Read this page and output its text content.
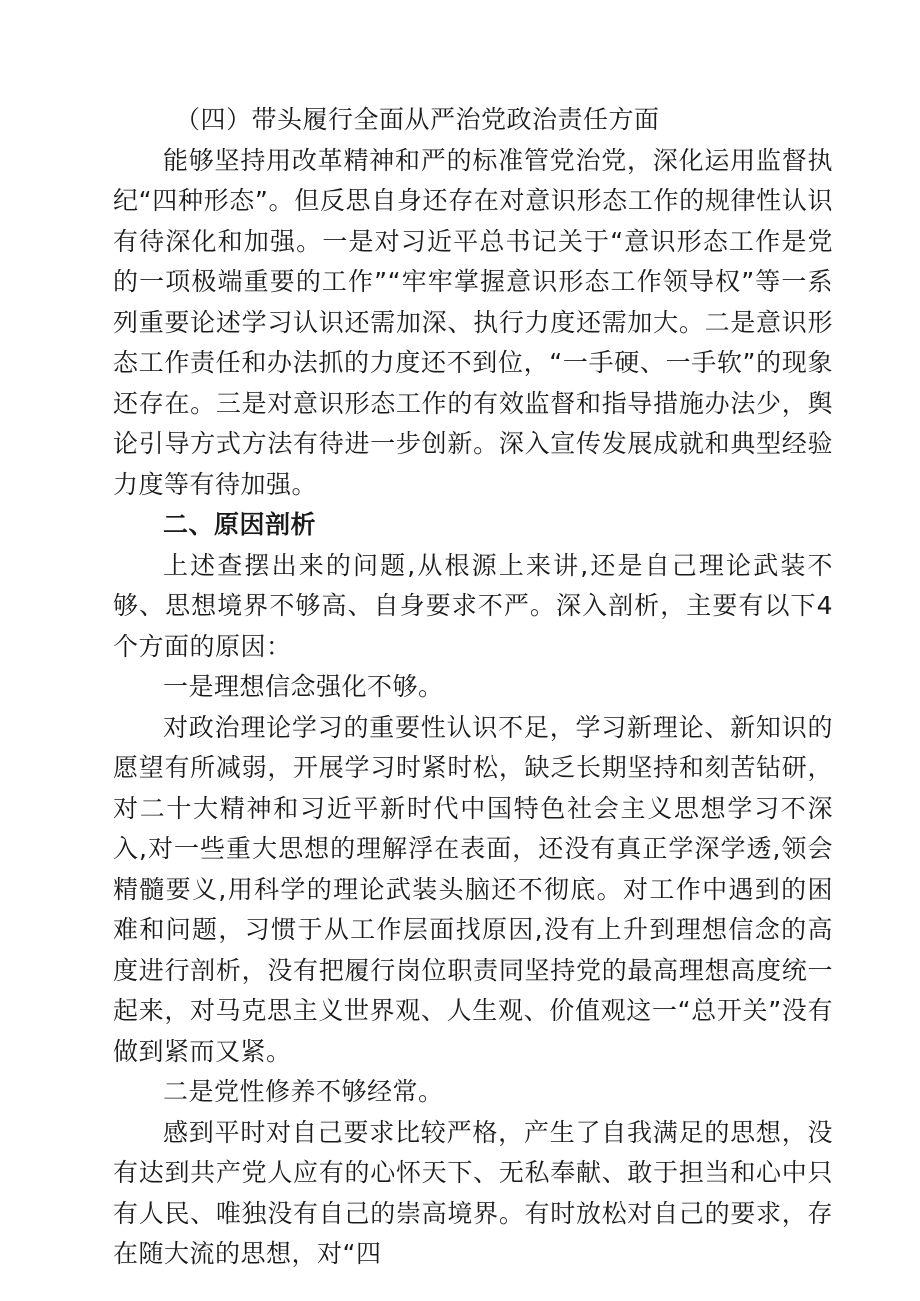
（四）带头履行全面从严治党政治责任方面

能够坚持用改革精神和严的标准管党治党，深化运用监督执纪“四种形态”。但反思自身还存在对意识形态工作的规律性认识有待深化和加强。一是对习近平总书记关于“意识形态工作是党的一项极端重要的工作”“牢牢掌握意识形态工作领导权”等一系列重要论述学习认识还需加深、执行力度还需加大。二是意识形态工作责任和办法抓的力度还不到位，“一手硬、一手软”的现象还存在。三是对意识形态工作的有效监督和指导措施办法少，舆论引导方式方法有待进一步创新。深入宣传发展成就和典型经验力度等有待加强。

二、原因剖析

上述查摆出来的问题,从根源上来讲,还是自己理论武装不够、思想境界不够高、自身要求不严。深入剖析，主要有以下4个方面的原因：

一是理想信念强化不够。

对政治理论学习的重要性认识不足，学习新理论、新知识的愿望有所减弱，开展学习时紧时松，缺乏长期坚持和刻苦钻研，对二十大精神和习近平新时代中国特色社会主义思想学习不深入,对一些重大思想的理解浮在表面，还没有真正学深学透,领会精髓要义,用科学的理论武装头脑还不彻底。对工作中遇到的困难和问题，习惯于从工作层面找原因,没有上升到理想信念的高度进行剖析，没有把履行岗位职责同坚持党的最高理想高度统一起来，对马克思主义世界观、人生观、价值观这一“总开关”没有做到紧而又紧。

二是党性修养不够经常。

感到平时对自己要求比较严格，产生了自我满足的思想，没有达到共产党人应有的心怀天下、无私奉献、敢于担当和心中只有人民、唯独没有自己的崇高境界。有时放松对自己的要求，存在随大流的思想，对“四
